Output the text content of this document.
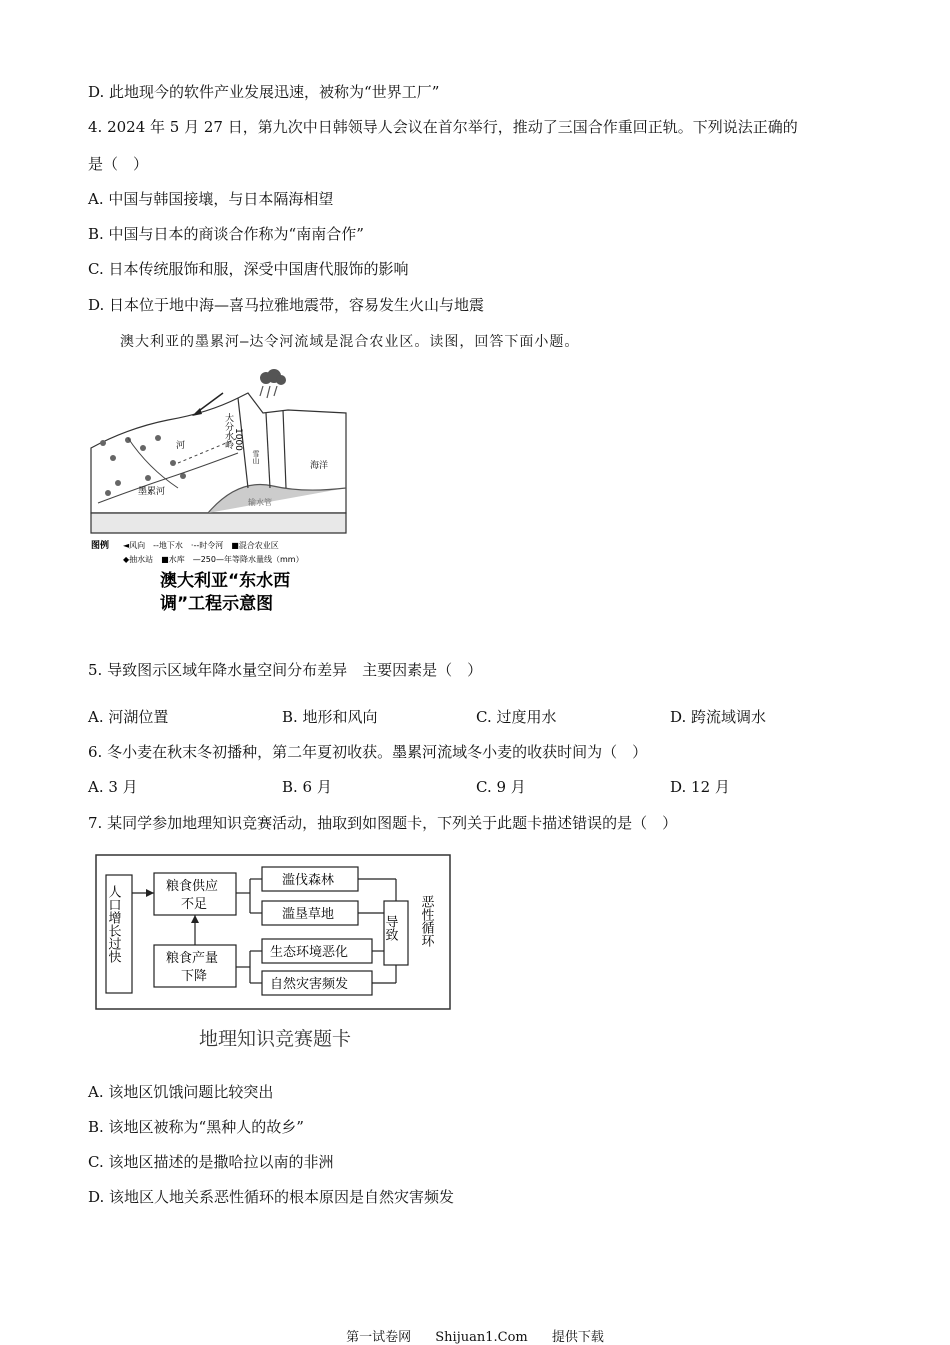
D. 此地现今的软件产业发展迅速，被称为“世界工厂”
4. 2024 年 5 月 27 日，第九次中日韩领导人会议在首尔举行，推动了三国合作重回正轨。下列说法正确的
是（　）
A. 中国与韩国接壤，与日本隔海相望
B. 中国与日本的商谈合作称为“南南合作”
C. 日本传统服饰和服，深受中国唐代服饰的影响
D. 日本位于地中海—喜马拉雅地震带，容易发生火山与地震
澳大利亚的墨累河—达令河流域是混合农业区。读图，回答下面小题。
大分水岭 1000
海洋
输水管
河
墨累河
雪山
图例 ◄风向　--地下水　·--时令河　■混合农业区
◆抽水站　■水库　—250—年等降水量线（mm）
澳大利亚“东水西
调”工程示意图
5. 导致图示区域年降水量空间分布差异　主要因素是（　）
A. 河湖位置	B. 地形和风向	C. 过度用水	D. 跨流域调水
6. 冬小麦在秋末冬初播种，第二年夏初收获。墨累河流域冬小麦的收获时间为（　）
A. 3 月	B. 6 月	C. 9 月	D. 12 月
7. 某同学参加地理知识竞赛活动，抽取到如图题卡，下列关于此题卡描述错误的是（　）
人口增长过快	粮食供应
不足
滥伐森林
滥垦草地
粮食产量
下降
生态环境恶化
自然灾害频发
导致 恶性循环
地理知识竞赛题卡
A. 该地区饥饿问题比较突出
B. 该地区被称为“黑种人的故乡”
C. 该地区描述的是撒哈拉以南的非洲
D. 该地区人地关系恶性循环的根本原因是自然灾害频发
第一试卷网 Shijuan1.Com 提供下载
